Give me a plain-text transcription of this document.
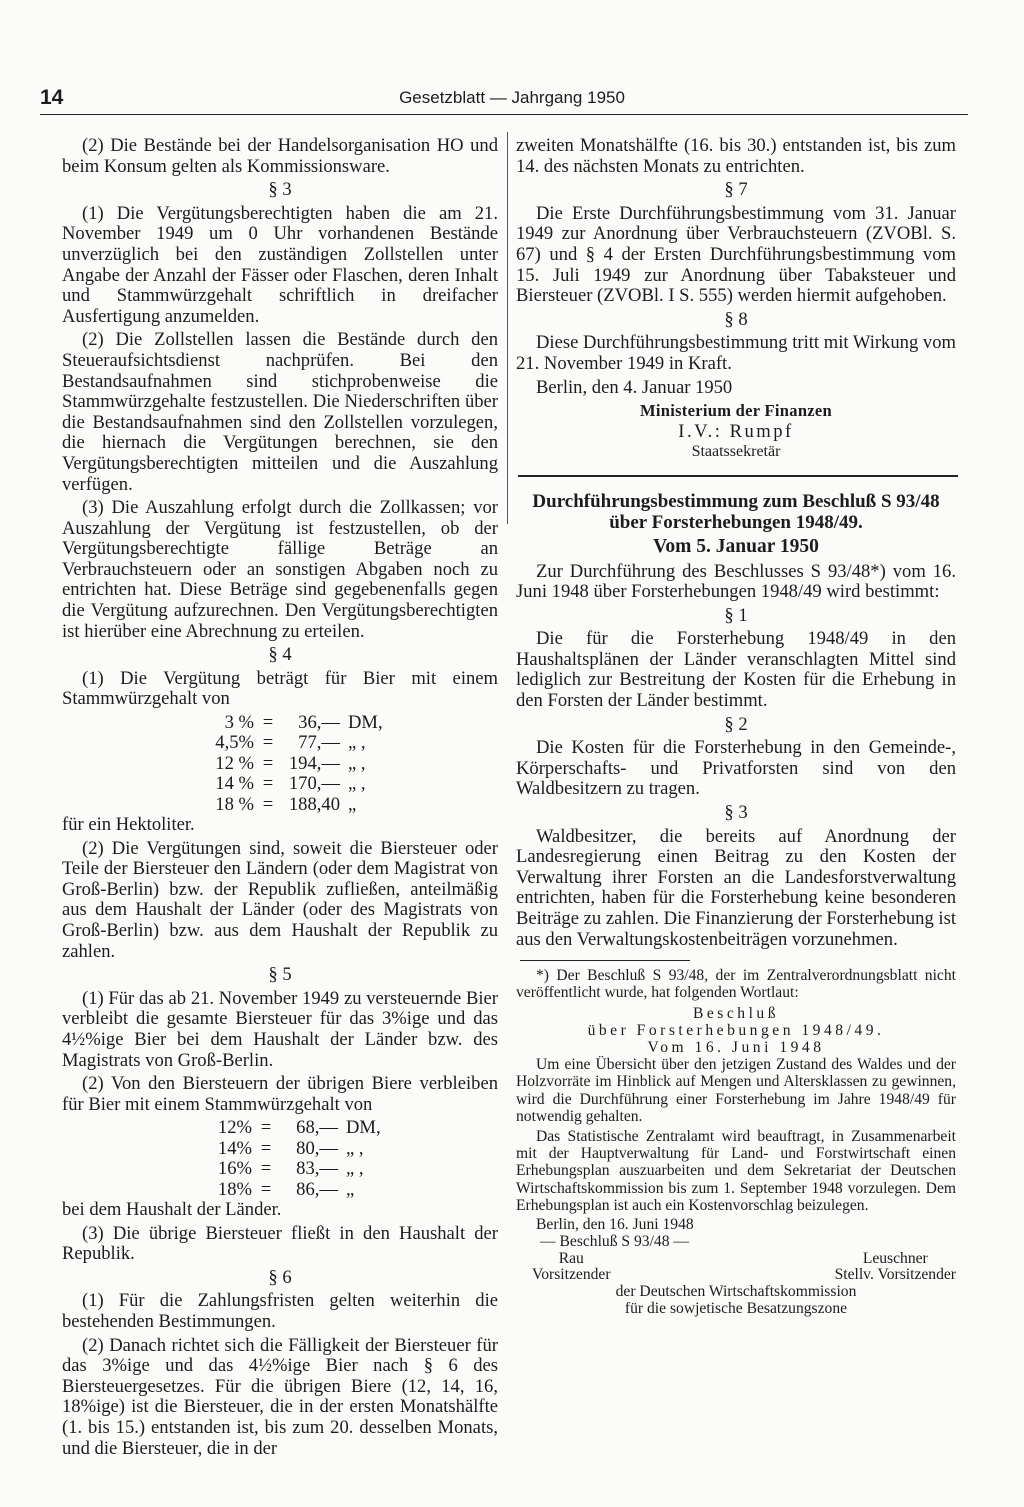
14	Gesetzblatt — Jahrgang 1950

(2) Die Bestände bei der Handelsorganisation HO und beim Konsum gelten als Kommissionsware.

§ 3

(1) Die Vergütungsberechtigten haben die am 21. November 1949 um 0 Uhr vorhandenen Bestände unverzüglich bei den zuständigen Zollstellen unter Angabe der Anzahl der Fässer oder Flaschen, deren Inhalt und Stammwürzgehalt schriftlich in dreifacher Ausfertigung anzumelden.

(2) Die Zollstellen lassen die Bestände durch den Steueraufsichtsdienst nachprüfen. Bei den Bestandsaufnahmen sind stichprobenweise die Stammwürzgehalte festzustellen. Die Niederschriften über die Bestandsaufnahmen sind den Zollstellen vorzulegen, die hiernach die Vergütungen berechnen, sie den Vergütungsberechtigten mitteilen und die Auszahlung verfügen.

(3) Die Auszahlung erfolgt durch die Zollkassen; vor Auszahlung der Vergütung ist festzustellen, ob der Vergütungsberechtigte fällige Beträge an Verbrauchsteuern oder an sonstigen Abgaben noch zu entrichten hat. Diese Beträge sind gegebenenfalls gegen die Vergütung aufzurechnen. Den Vergütungsberechtigten ist hierüber eine Abrechnung zu erteilen.

§ 4

(1) Die Vergütung beträgt für Bier mit einem Stammwürzgehalt von

3 %	=	36,—	DM,
4,5%	=	77,—	„ ,
12 %	=	194,—	„ ,
14 %	=	170,—	„ ,
18 %	=	188,40	„

für ein Hektoliter.

(2) Die Vergütungen sind, soweit die Biersteuer oder Teile der Biersteuer den Ländern (oder dem Magistrat von Groß-Berlin) bzw. der Republik zufließen, anteilmäßig aus dem Haushalt der Länder (oder des Magistrats von Groß-Berlin) bzw. aus dem Haushalt der Republik zu zahlen.

§ 5

(1) Für das ab 21. November 1949 zu versteuernde Bier verbleibt die gesamte Biersteuer für das 3%ige und das 4½%ige Bier bei dem Haushalt der Länder bzw. des Magistrats von Groß-Berlin.

(2) Von den Biersteuern der übrigen Biere verbleiben für Bier mit einem Stammwürzgehalt von

12%	=	68,—	DM,
14%	=	80,—	„ ,
16%	=	83,—	„ ,
18%	=	86,—	„

bei dem Haushalt der Länder.

(3) Die übrige Biersteuer fließt in den Haushalt der Republik.

§ 6

(1) Für die Zahlungsfristen gelten weiterhin die bestehenden Bestimmungen.

(2) Danach richtet sich die Fälligkeit der Biersteuer für das 3%ige und das 4½%ige Bier nach § 6 des Biersteuergesetzes. Für die übrigen Biere (12, 14, 16, 18%ige) ist die Biersteuer, die in der ersten Monatshälfte (1. bis 15.) entstanden ist, bis zum 20. desselben Monats, und die Biersteuer, die in der

zweiten Monatshälfte (16. bis 30.) entstanden ist, bis zum 14. des nächsten Monats zu entrichten.

§ 7

Die Erste Durchführungsbestimmung vom 31. Januar 1949 zur Anordnung über Verbrauchsteuern (ZVOBl. S. 67) und § 4 der Ersten Durchführungsbestimmung vom 15. Juli 1949 zur Anordnung über Tabaksteuer und Biersteuer (ZVOBl. I S. 555) werden hiermit aufgehoben.

§ 8

Diese Durchführungsbestimmung tritt mit Wirkung vom 21. November 1949 in Kraft.

Berlin, den 4. Januar 1950

Ministerium der Finanzen
I.V.: Rumpf
Staatssekretär
Durchführungsbestimmung zum Beschluß S 93/48 über Forsterhebungen 1948/49.
Vom 5. Januar 1950

Zur Durchführung des Beschlusses S 93/48*) vom 16. Juni 1948 über Forsterhebungen 1948/49 wird bestimmt:

§ 1

Die für die Forsterhebung 1948/49 in den Haushaltsplänen der Länder veranschlagten Mittel sind lediglich zur Bestreitung der Kosten für die Erhebung in den Forsten der Länder bestimmt.

§ 2

Die Kosten für die Forsterhebung in den Gemeinde-, Körperschafts- und Privatforsten sind von den Waldbesitzern zu tragen.

§ 3

Waldbesitzer, die bereits auf Anordnung der Landesregierung einen Beitrag zu den Kosten der Verwaltung ihrer Forsten an die Landesforstverwaltung entrichten, haben für die Forsterhebung keine besonderen Beiträge zu zahlen. Die Finanzierung der Forsterhebung ist aus den Verwaltungskostenbeiträgen vorzunehmen.

*) Der Beschluß S 93/48, der im Zentralverordnungsblatt nicht veröffentlicht wurde, hat folgenden Wortlaut:

Beschluß
über Forsterhebungen 1948/49.
Vom 16. Juni 1948

Um eine Übersicht über den jetzigen Zustand des Waldes und der Holzvorräte im Hinblick auf Mengen und Altersklassen zu gewinnen, wird die Durchführung einer Forsterhebung im Jahre 1948/49 für notwendig gehalten.

Das Statistische Zentralamt wird beauftragt, in Zusammenarbeit mit der Hauptverwaltung für Land- und Forstwirtschaft einen Erhebungsplan auszuarbeiten und dem Sekretariat der Deutschen Wirtschaftskommission bis zum 1. September 1948 vorzulegen. Dem Erhebungsplan ist auch ein Kostenvorschlag beizulegen.

Berlin, den 16. Juni 1948
— Beschluß S 93/48 —
Rau
Vorsitzender
Leuschner
Stellv. Vorsitzender
der Deutschen Wirtschaftskommission
für die sowjetische Besatzungszone
